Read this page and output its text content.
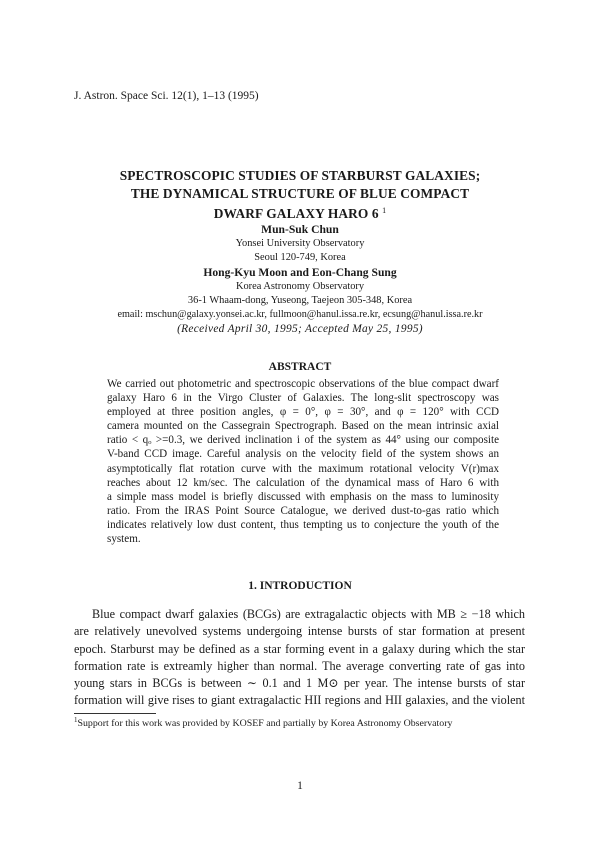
J. Astron. Space Sci. 12(1), 1–13 (1995)
SPECTROSCOPIC STUDIES OF STARBURST GALAXIES;
THE DYNAMICAL STRUCTURE OF BLUE COMPACT
DWARF GALAXY HARO 6 $^1$
Mun-Suk Chun
Yonsei University Observatory
Seoul 120-749, Korea
Hong-Kyu Moon and Eon-Chang Sung
Korea Astronomy Observatory
36-1 Whaam-dong, Yuseong, Taejeon 305-348, Korea
email: mschun@galaxy.yonsei.ac.kr, fullmoon@hanul.issa.re.kr, ecsung@hanul.issa.re.kr
(Received April 30, 1995; Accepted May 25, 1995)
ABSTRACT
We carried out photometric and spectroscopic observations of the blue compact dwarf
galaxy Haro 6 in the Virgo Cluster of Galaxies. The long-slit spectroscopy was
employed at three position angles, φ = 0°, φ = 30°, and φ = 120° with CCD
camera mounted on the Cassegrain Spectrograph. Based on the mean intrinsic axial
ratio < qₒ >=0.3, we derived inclination i of the system as 44° using our composite
V-band CCD image. Careful analysis on the velocity field of the system shows an
asymptotically flat rotation curve with the maximum rotational velocity V(r)max
reaches about 12 km/sec. The calculation of the dynamical mass of Haro 6 with
a simple mass model is briefly discussed with emphasis on the mass to luminosity
ratio. From the IRAS Point Source Catalogue, we derived dust-to-gas ratio which
indicates relatively low dust content, thus tempting us to conjecture the youth of the
system.
1. INTRODUCTION
Blue compact dwarf galaxies (BCGs) are extragalactic objects with MB ≥ −18 which
are relatively unevolved systems undergoing intense bursts of star formation at present
epoch. Starburst may be defined as a star forming event in a galaxy during which the star
formation rate is extreamly higher than normal. The average converting rate of gas into
young stars in BCGs is between ∼ 0.1 and 1 M⊙ per year. The intense bursts of star
formation will give rises to giant extragalactic HII regions and HII galaxies, and the violent
$^1$Support for this work was provided by KOSEF and partially by Korea Astronomy Observatory
1
